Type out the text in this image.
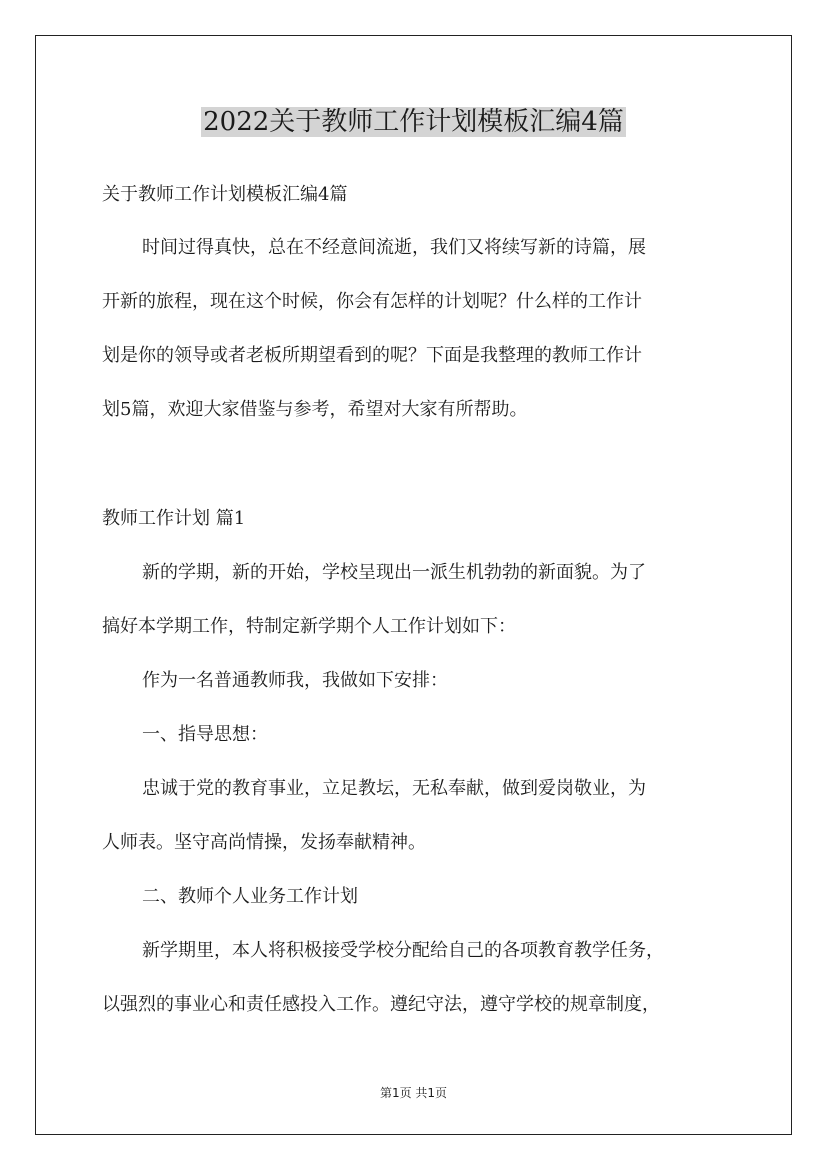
2022关于教师工作计划模板汇编4篇
关于教师工作计划模板汇编4篇
时间过得真快，总在不经意间流逝，我们又将续写新的诗篇，展
开新的旅程，现在这个时候，你会有怎样的计划呢？什么样的工作计
划是你的领导或者老板所期望看到的呢？下面是我整理的教师工作计
划5篇，欢迎大家借鉴与参考，希望对大家有所帮助。
教师工作计划 篇1
新的学期，新的开始，学校呈现出一派生机勃勃的新面貌。为了
搞好本学期工作，特制定新学期个人工作计划如下：
作为一名普通教师我，我做如下安排：
一、指导思想：
忠诚于党的教育事业，立足教坛，无私奉献，做到爱岗敬业，为
人师表。坚守高尚情操，发扬奉献精神。
二、教师个人业务工作计划
新学期里，本人将积极接受学校分配给自己的各项教育教学任务，
以强烈的事业心和责任感投入工作。遵纪守法，遵守学校的规章制度，
第1页 共1页
